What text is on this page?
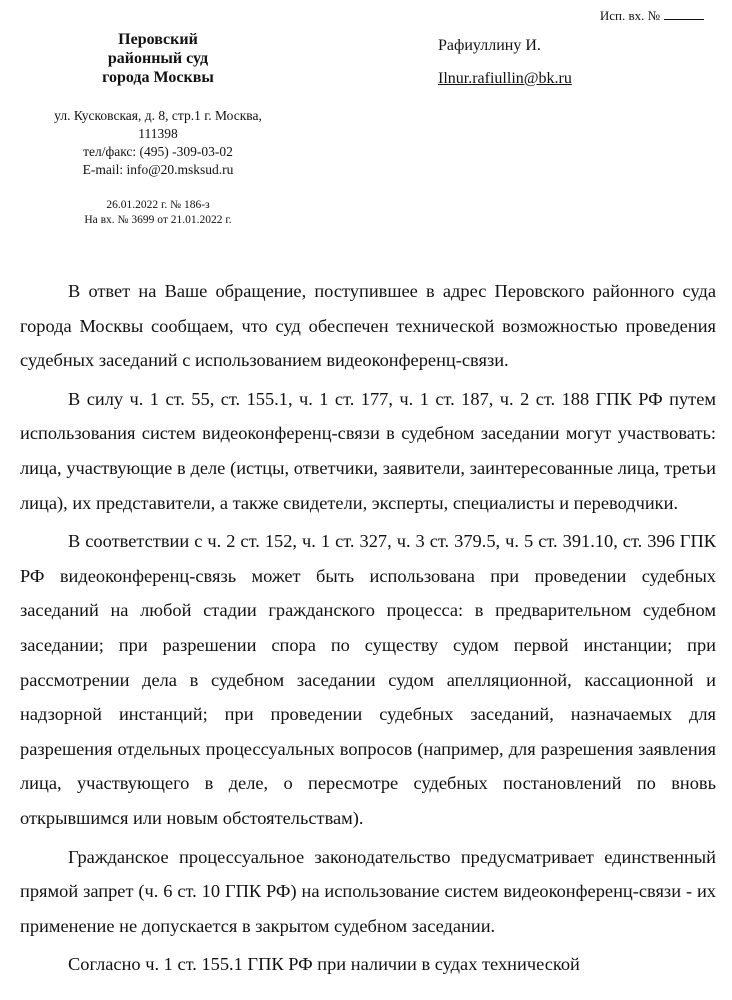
Исп. вх. №
Перовский
районный суд
города Москвы
ул. Кусковская, д. 8, стр.1 г. Москва,
111398
тел/факс: (495) -309-03-02
E-mail: info@20.msksud.ru
26.01.2022 г. № 186-з
На вх. № 3699 от 21.01.2022 г.
Рафиуллину И.
Ilnur.rafiullin@bk.ru

В ответ на Ваше обращение, поступившее в адрес Перовского районного суда города Москвы сообщаем, что суд обеспечен технической возможностью проведения судебных заседаний с использованием видеоконференц-связи.

В силу ч. 1 ст. 55, ст. 155.1, ч. 1 ст. 177, ч. 1 ст. 187, ч. 2 ст. 188 ГПК РФ путем использования систем видеоконференц-связи в судебном заседании могут участвовать: лица, участвующие в деле (истцы, ответчики, заявители, заинтересованные лица, третьи лица), их представители, а также свидетели, эксперты, специалисты и переводчики.

В соответствии с ч. 2 ст. 152, ч. 1 ст. 327, ч. 3 ст. 379.5, ч. 5 ст. 391.10, ст. 396 ГПК РФ видеоконференц-связь может быть использована при проведении судебных заседаний на любой стадии гражданского процесса: в предварительном судебном заседании; при разрешении спора по существу судом первой инстанции; при рассмотрении дела в судебном заседании судом апелляционной, кассационной и надзорной инстанций; при проведении судебных заседаний, назначаемых для разрешения отдельных процессуальных вопросов (например, для разрешения заявления лица, участвующего в деле, о пересмотре судебных постановлений по вновь открывшимся или новым обстоятельствам).

Гражданское процессуальное законодательство предусматривает единственный прямой запрет (ч. 6 ст. 10 ГПК РФ) на использование систем видеоконференц-связи - их применение не допускается в закрытом судебном заседании.

Согласно ч. 1 ст. 155.1 ГПК РФ при наличии в судах технической
